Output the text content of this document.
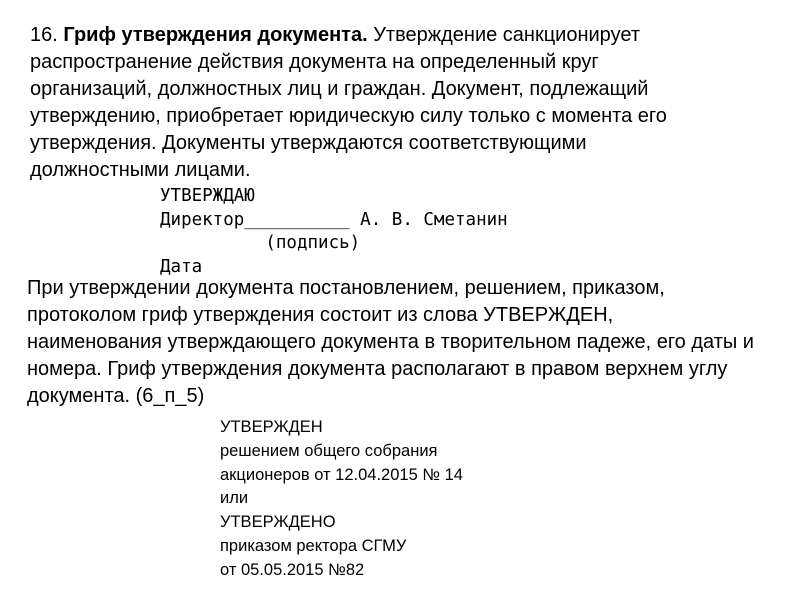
16. Гриф утверждения документа. Утверждение санкционирует
распространение действия документа на определенный круг
организаций, должностных лиц и граждан. Документ, подлежащий
утверждению, приобретает юридическую силу только с момента его
утверждения. Документы утверждаются соответствующими
должностными лицами.
УТВЕРЖДАЮ
Директор__________ А. В. Сметанин
(подпись)
Дата
При утверждении документа постановлением, решением, приказом,
протоколом гриф утверждения состоит из слова УТВЕРЖДЕН,
наименования утверждающего документа в творительном падеже, его даты и
номера. Гриф утверждения документа располагают в правом верхнем углу
документа. (6_п_5)
УТВЕРЖДЕН
решением общего собрания
акционеров от 12.04.2015 № 14
или
УТВЕРЖДЕНО
приказом ректора СГМУ
от 05.05.2015 №82
